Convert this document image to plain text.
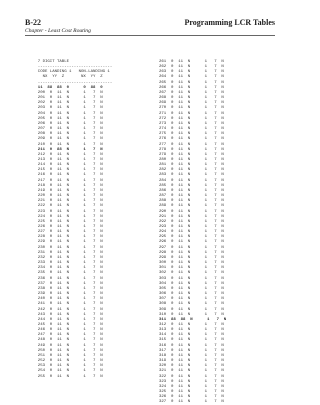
B-22	Programming LCR Tables
Chapter - Least Cost Routing
7 DIGIT TABLE
-------------------------------
CODE LANDING 1   NON-LANDING 1
NX  YY  Z       NX  YY  Z
-------------------------------
11  88  88  0      0  88  0
200  0  11  N      1   7  N
201  0  11  N      1   7  N
202  0  11  N      1   7  N
203  0  11  N      1   7  N
204  0  11  N      1   7  N
205  0  11  N      1   7  N
206  0  11  N      1   7  N
207  0  11  N      1   7  N
208  0  11  N      1   7  N
209  0  11  N      1   7  N
210  0  11  N      1   7  N
211  0  88  N      1   7  N
212  0  11  N      1   7  N
213  0  11  N      1   7  N
214  0  11  N      1   7  N
215  0  11  N      1   7  N
216  0  11  N      1   7  N
217  0  11  N      1   7  N
218  0  11  N      1   7  N
219  0  11  N      1   7  N
220  0  11  N      1   7  N
221  0  11  N      1   7  N
222  0  11  N      1   7  N
223  0  11  N      1   7  N
224  0  11  N      1   7  N
225  0  11  N      1   7  N
226  0  11  N      1   7  N
227  0  11  N      1   7  N
228  0  11  N      1   7  N
229  0  11  N      1   7  N
230  0  11  N      1   7  N
231  0  11  N      1   7  N
232  0  11  N      1   7  N
233  0  11  N      1   7  N
234  0  11  N      1   7  N
235  0  11  N      1   7  N
236  0  11  N      1   7  N
237  0  11  N      1   7  N
238  0  11  N      1   7  N
239  0  11  N      1   7  N
240  0  11  N      1   7  N
241  0  11  N      1   7  N
242  0  11  N      1   7  N
243  0  11  N      1   7  N
244  0  11  N      1   7  N
245  0  11  N      1   7  N
246  0  11  N      1   7  N
247  0  11  N      1   7  N
248  0  11  N      1   7  N
249  0  11  N      1   7  N
250  0  11  N      1   7  N
251  0  11  N      1   7  N
252  0  11  N      1   7  N
253  0  11  N      1   7  N
254  0  11  N      1   7  N
255  0  11  N      1   7  N
261  0  11  N      1   7  N
262  0  11  N      1   7  N
263  0  11  N      1   7  N
264  0  11  N      1   7  N
265  0  11  N      1   7  N
266  0  11  N      1   7  N
267  0  11  N      1   7  N
268  0  11  N      1   7  N
269  0  11  N      1   7  N
270  0  11  N      1   7  N
271  0  11  N      1   7  N
272  0  11  N      1   7  N
273  0  11  N      1   7  N
274  0  11  N      1   7  N
275  0  11  N      1   7  N
276  0  11  N      1   7  N
277  0  11  N      1   7  N
278  0  11  N      1   7  N
279  0  11  N      1   7  N
280  0  11  N      1   7  N
281  0  11  N      1   7  N
282  0  11  N      1   7  N
283  0  11  N      1   7  N
284  0  11  N      1   7  N
285  0  11  N      1   7  N
286  0  11  N      1   7  N
287  0  11  N      1   7  N
288  0  11  N      1   7  N
289  0  11  N      1   7  N
290  0  11  N      1   7  N
291  0  11  N      1   7  N
292  0  11  N      1   7  N
293  0  11  N      1   7  N
294  0  11  N      1   7  N
295  0  11  N      1   7  N
296  0  11  N      1   7  N
297  0  11  N      1   7  N
298  0  11  N      1   7  N
299  0  11  N      1   7  N
300  0  11  N      1   7  N
301  0  11  N      1   7  N
302  0  11  N      1   7  N
303  0  11  N      1   7  N
304  0  11  N      1   7  N
305  0  11  N      1   7  N
306  0  11  N      1   7  N
307  0  11  N      1   7  N
308  0  11  N      1   7  N
309  0  11  N      1   7  N
310  0  11  N      1   7  N
311  88  88  N      1   7  N
312  0  11  N      1   7  N
313  0  11  N      1   7  N
314  0  11  N      1   7  N
315  0  11  N      1   7  N
316  0  11  N      1   7  N
317  0  11  N      1   7  N
318  0  11  N      1   7  N
319  0  11  N      1   7  N
320  0  11  N      1   7  N
321  0  11  N      1   7  N
322  0  11  N      1   7  N
323  0  11  N      1   7  N
324  0  11  N      1   7  N
325  0  11  N      1   7  N
326  0  11  N      1   7  N
327  0  11  N      1   7  N
